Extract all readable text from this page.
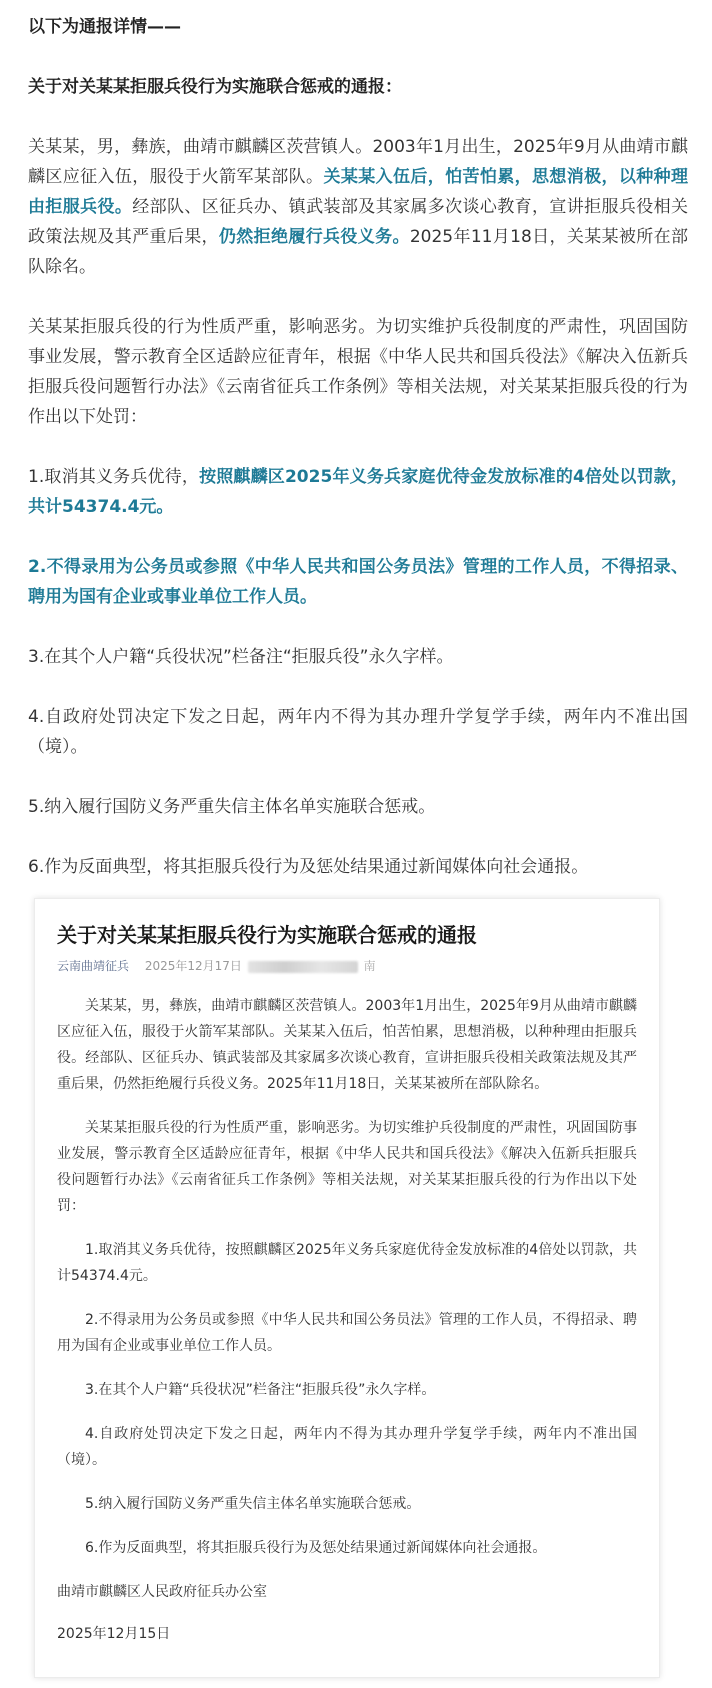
以下为通报详情——

关于对关某某拒服兵役行为实施联合惩戒的通报：

关某某，男，彝族，曲靖市麒麟区茨营镇人。2003年1月出生，2025年9月从曲靖市麒麟区应征入伍，服役于火箭军某部队。关某某入伍后，怕苦怕累，思想消极，以种种理由拒服兵役。经部队、区征兵办、镇武装部及其家属多次谈心教育，宣讲拒服兵役相关政策法规及其严重后果，仍然拒绝履行兵役义务。2025年11月18日，关某某被所在部队除名。

关某某拒服兵役的行为性质严重，影响恶劣。为切实维护兵役制度的严肃性，巩固国防事业发展，警示教育全区适龄应征青年，根据《中华人民共和国兵役法》《解决入伍新兵拒服兵役问题暂行办法》《云南省征兵工作条例》等相关法规，对关某某拒服兵役的行为作出以下处罚：

1.取消其义务兵优待，按照麒麟区2025年义务兵家庭优待金发放标准的4倍处以罚款，共计54374.4元。

2.不得录用为公务员或参照《中华人民共和国公务员法》管理的工作人员，不得招录、聘用为国有企业或事业单位工作人员。

3.在其个人户籍“兵役状况”栏备注“拒服兵役”永久字样。

4.自政府处罚决定下发之日起，两年内不得为其办理升学复学手续，两年内不准出国（境）。

5.纳入履行国防义务严重失信主体名单实施联合惩戒。

6.作为反面典型，将其拒服兵役行为及惩处结果通过新闻媒体向社会通报。

关于对关某某拒服兵役行为实施联合惩戒的通报
云南曲靖征兵 2025年12月17日	南

关某某，男，彝族，曲靖市麒麟区茨营镇人。2003年1月出生，2025年9月从曲靖市麒麟区应征入伍，服役于火箭军某部队。关某某入伍后，怕苦怕累，思想消极，以种种理由拒服兵役。经部队、区征兵办、镇武装部及其家属多次谈心教育，宣讲拒服兵役相关政策法规及其严重后果，仍然拒绝履行兵役义务。2025年11月18日，关某某被所在部队除名。

关某某拒服兵役的行为性质严重，影响恶劣。为切实维护兵役制度的严肃性，巩固国防事业发展，警示教育全区适龄应征青年，根据《中华人民共和国兵役法》《解决入伍新兵拒服兵役问题暂行办法》《云南省征兵工作条例》等相关法规，对关某某拒服兵役的行为作出以下处罚：

1.取消其义务兵优待，按照麒麟区2025年义务兵家庭优待金发放标准的4倍处以罚款，共计54374.4元。

2.不得录用为公务员或参照《中华人民共和国公务员法》管理的工作人员，不得招录、聘用为国有企业或事业单位工作人员。

3.在其个人户籍“兵役状况”栏备注“拒服兵役”永久字样。

4.自政府处罚决定下发之日起，两年内不得为其办理升学复学手续，两年内不准出国（境）。

5.纳入履行国防义务严重失信主体名单实施联合惩戒。

6.作为反面典型，将其拒服兵役行为及惩处结果通过新闻媒体向社会通报。

曲靖市麒麟区人民政府征兵办公室

2025年12月15日
